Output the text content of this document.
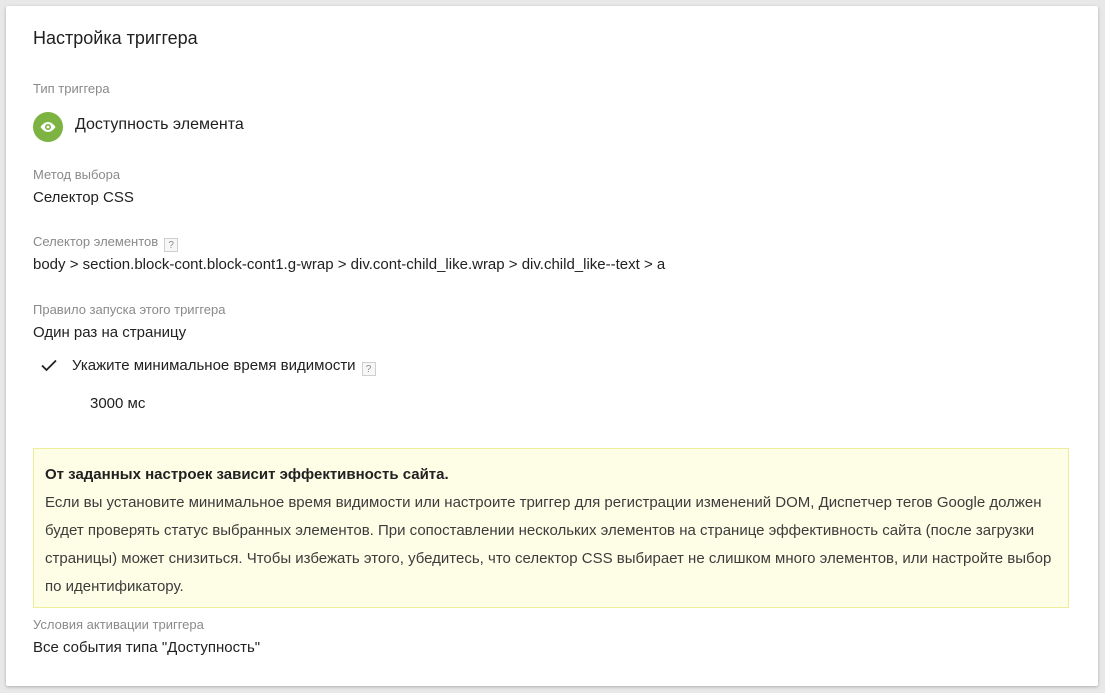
Настройка триггера
Тип триггера
Доступность элемента
Метод выбора
Селектор CSS
Селектор элементов ?
body > section.block-cont.block-cont1.g-wrap > div.cont-child_like.wrap > div.child_like--text > a
Правило запуска этого триггера
Один раз на страницу
Укажите минимальное время видимости ?
3000 мс
От заданных настроек зависит эффективность сайта.
Если вы установите минимальное время видимости или настроите триггер для регистрации изменений DOM, Диспетчер тегов Google должен будет проверять статус выбранных элементов. При сопоставлении нескольких элементов на странице эффективность сайта (после загрузки страницы) может снизиться. Чтобы избежать этого, убедитесь, что селектор CSS выбирает не слишком много элементов, или настройте выбор по идентификатору.
Условия активации триггера
Все события типа "Доступность"
